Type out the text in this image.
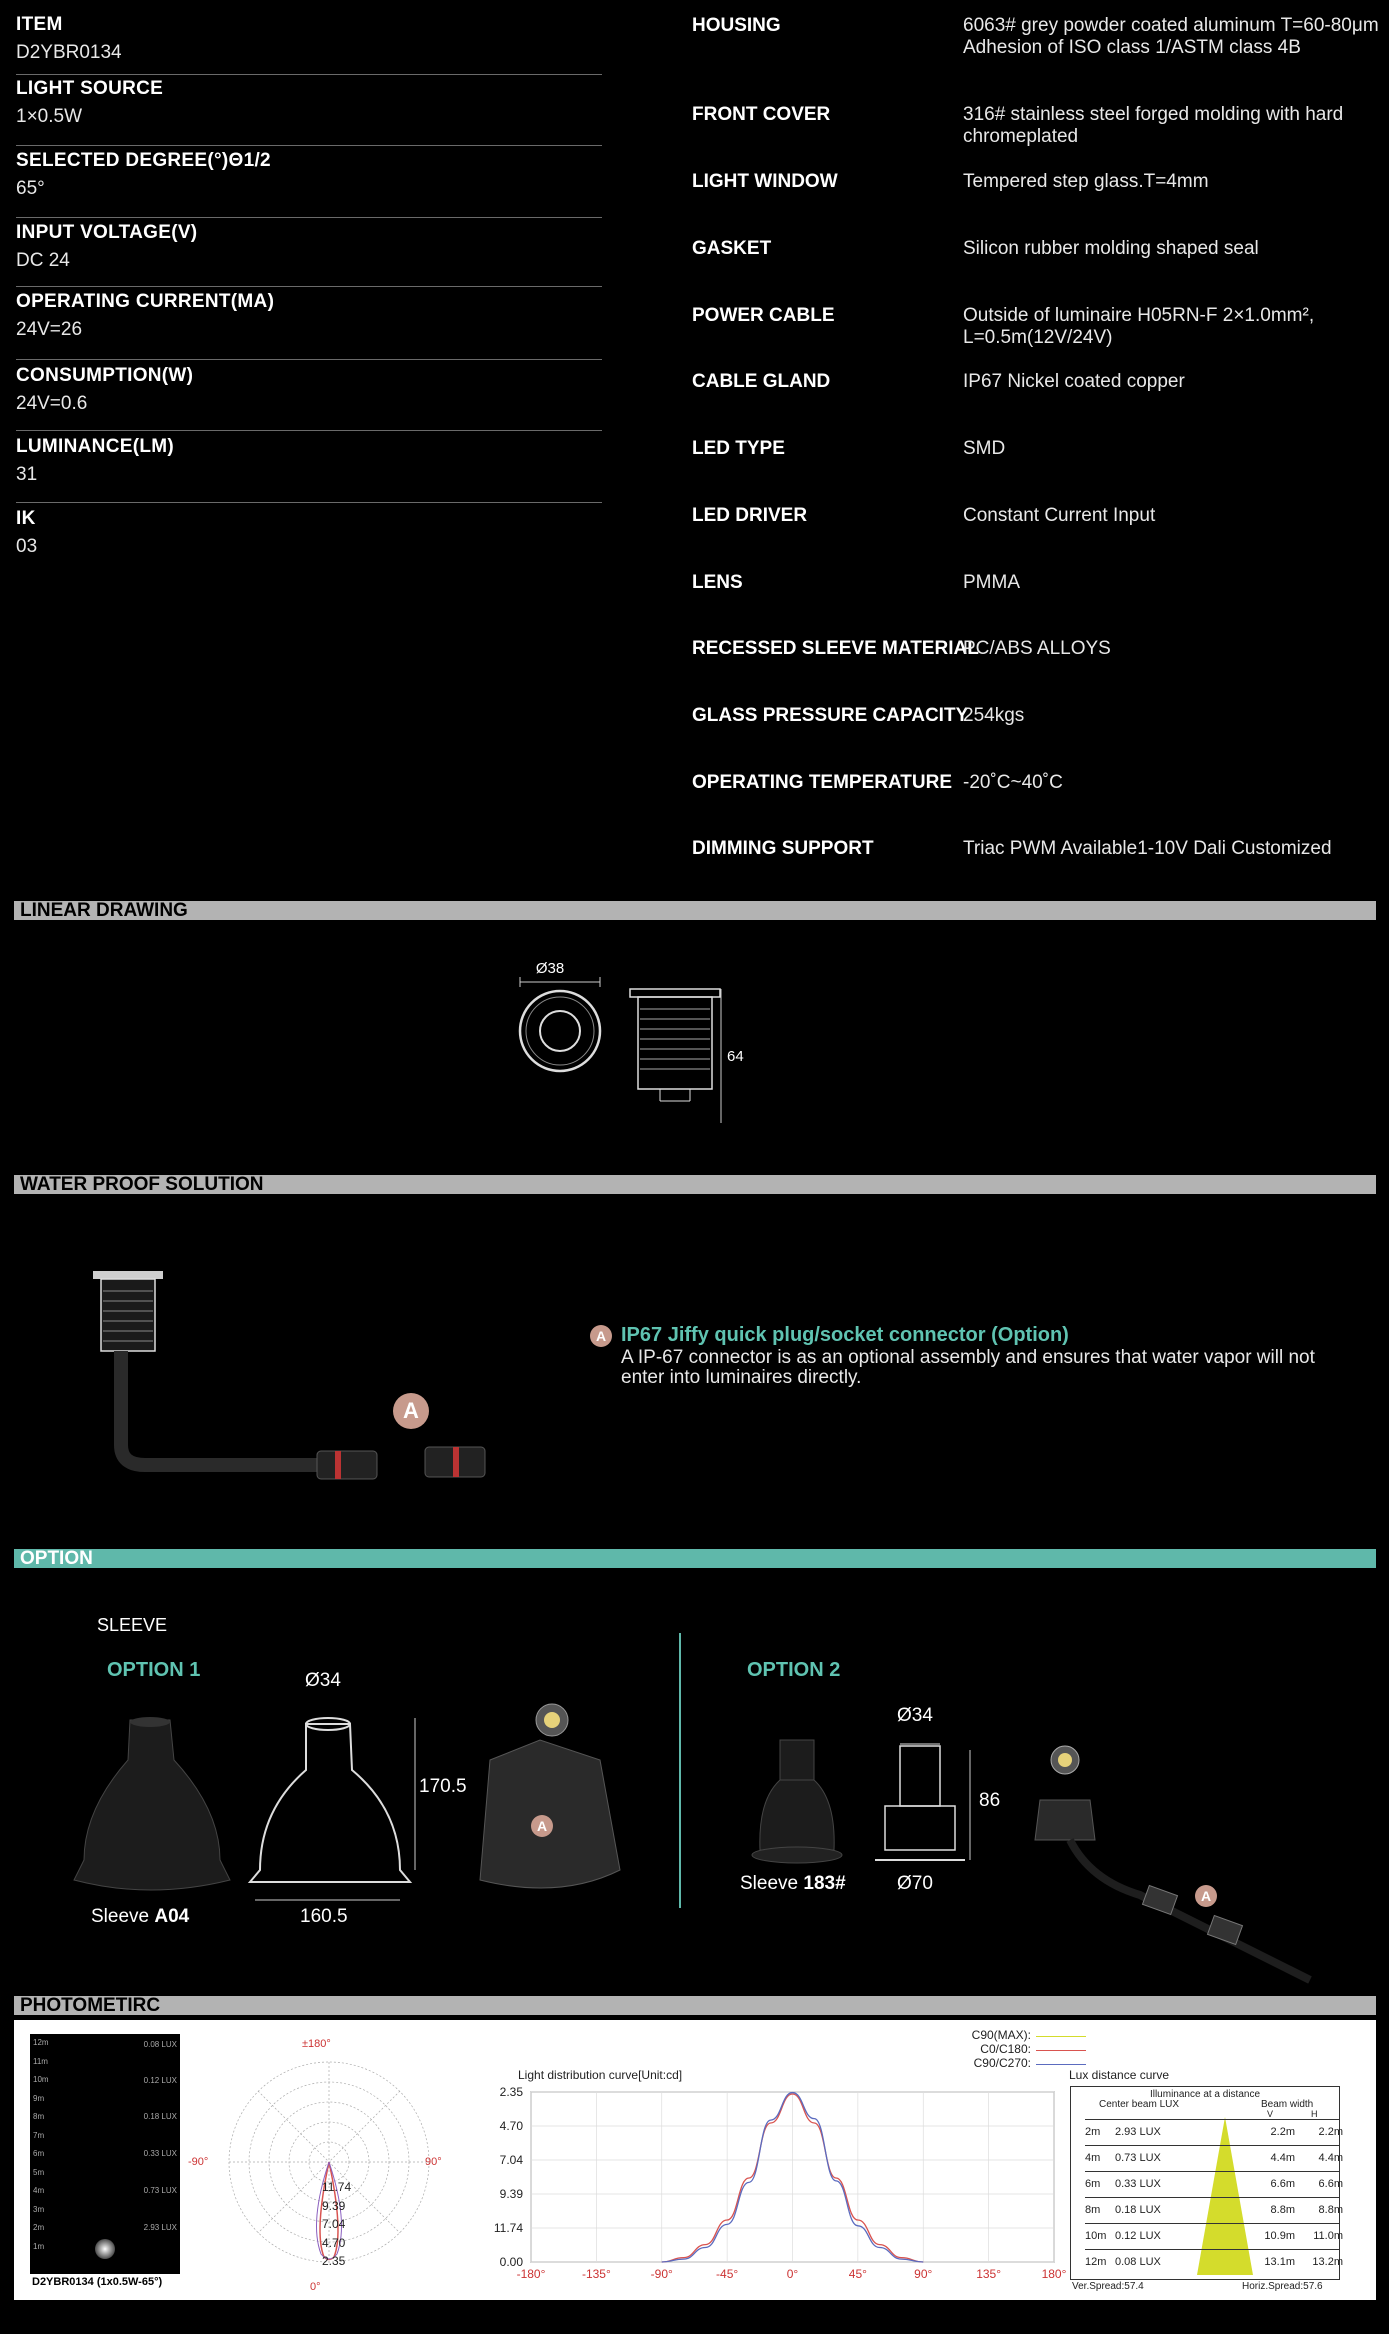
ITEM
D2YBR0134
LIGHT SOURCE
1×0.5W
SELECTED DEGREE(°)Θ1/2
65°
INPUT VOLTAGE(V)
DC 24
OPERATING CURRENT(MA)
24V=26
CONSUMPTION(W)
24V=0.6
LUMINANCE(LM)
31
IK
03
HOUSING	6063# grey powder coated aluminum T=60-80μm Adhesion of ISO class 1/ASTM class 4B
FRONT COVER	316# stainless steel forged molding with hard chromeplated
LIGHT WINDOW	Tempered step glass.T=4mm
GASKET	Silicon rubber molding shaped seal
POWER CABLE	Outside of luminaire H05RN-F 2×1.0mm², L=0.5m(12V/24V)
CABLE GLAND	IP67 Nickel coated copper
LED TYPE	SMD
LED DRIVER	Constant Current Input
LENS	PMMA
RECESSED SLEEVE MATERIAL
PC/ABS ALLOYS
GLASS PRESSURE CAPACITY
254kgs
OPERATING TEMPERATURE -20˚C~40˚C
DIMMING SUPPORT	Triac PWM Available1-10V Dali Customized
LINEAR DRAWING
Ø38
64
WATER PROOF SOLUTION
A
A IP67 Jiffy quick plug/socket connector (Option)
A IP-67 connector is as an optional assembly and ensures that water vapor will not enter into luminaires directly.
OPTION
SLEEVE
OPTION 1	OPTION 2
Ø34
170.5
160.5
Sleeve A04
A
Ø34
86
Ø70
Sleeve 183#
A
PHOTOMETIRC
12m
11m
10m
9m
8m
7m
6m
5m
4m
3m
2m
1m
0.08 LUX
0.12 LUX
0.18 LUX
0.33 LUX
0.73 LUX
2.93 LUX
D2YBR0134 (1x0.5W-65°)
±180°
-90°	90°
0°
11.74
9.39
7.04
4.70
2.35
C90(MAX):
C0/C180:
C90/C270:
Light distribution curve[Unit:cd]
-180°	-135°	-90°	-45°	0°	45°	90°	135°	180°
2.35
4.70
7.04
9.39
11.74
0.00
Lux distance curve
Illuminance at a distance
Center beam LUX	Beam width
V	H
2m	2.93 LUX	2.2m	2.2m
4m	0.73 LUX	4.4m	4.4m
6m	0.33 LUX	6.6m	6.6m
8m	0.18 LUX	8.8m	8.8m
10m 0.12 LUX	10.9m	11.0m
12m 0.08 LUX	13.1m	13.2m
Ver.Spread:57.4	Horiz.Spread:57.6
